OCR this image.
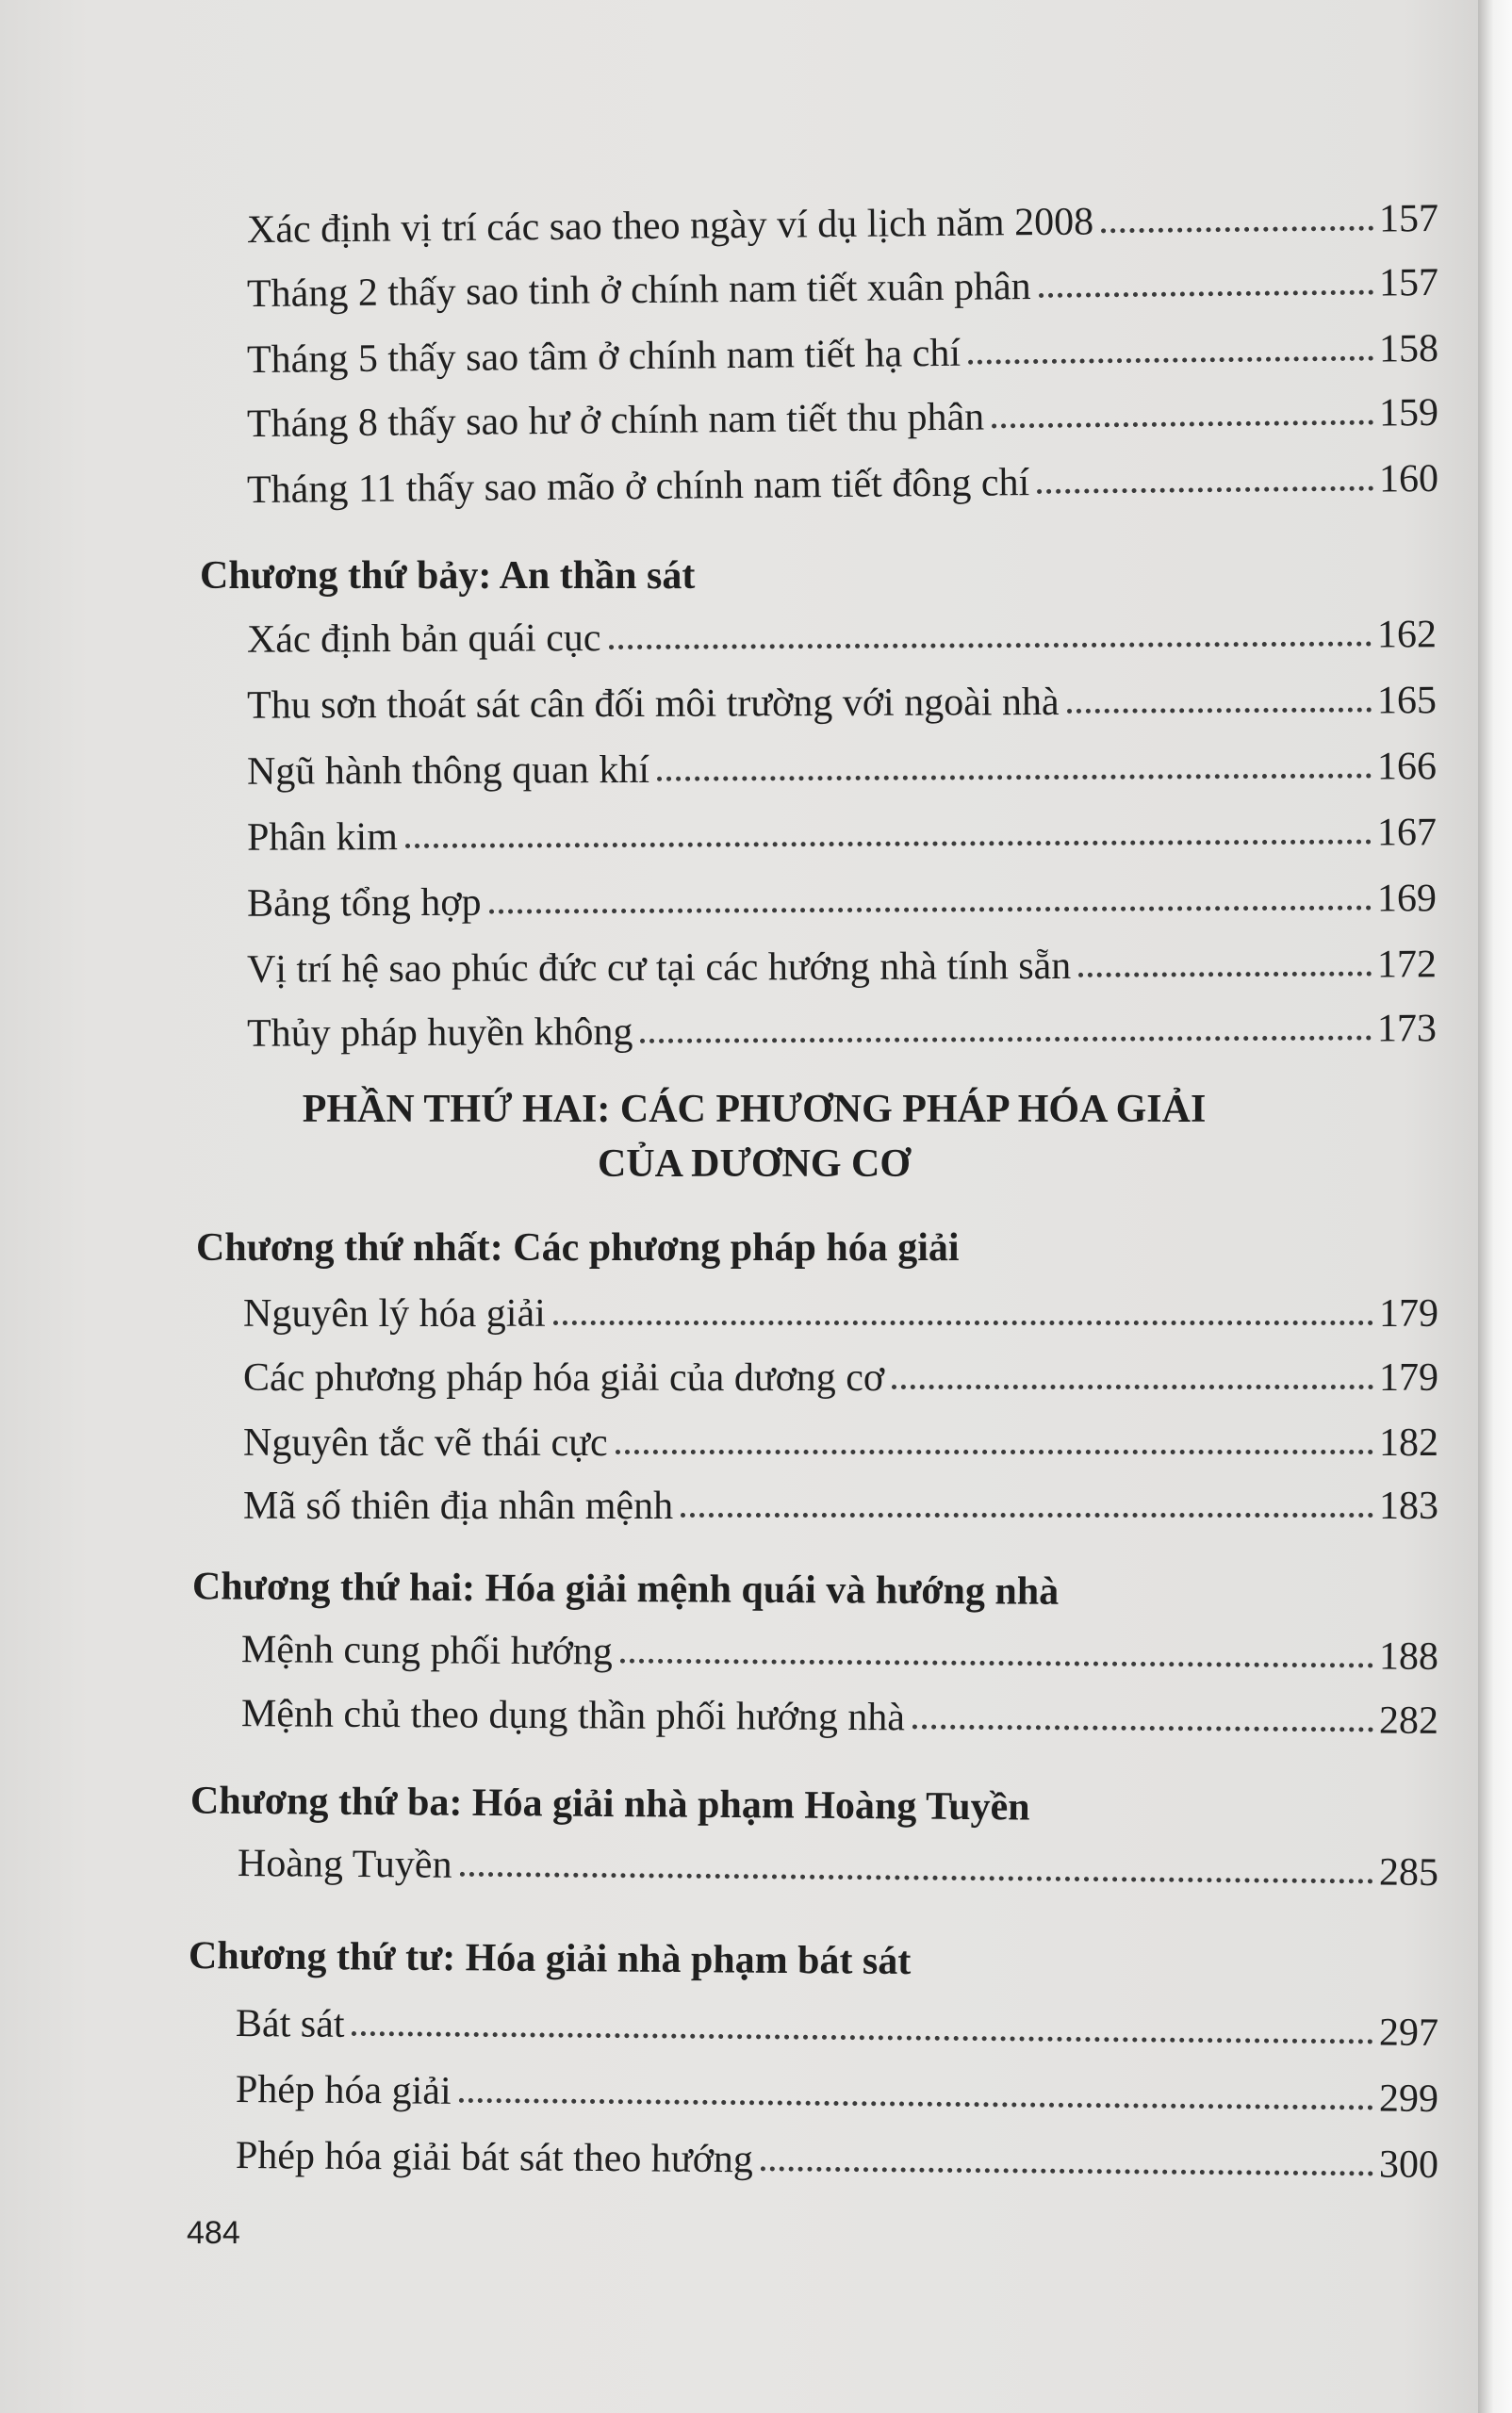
Xác định vị trí các sao theo ngày ví dụ lịch năm 2008	157
Tháng 2 thấy sao tinh ở chính nam tiết xuân phân	157
Tháng 5 thấy sao tâm ở chính nam tiết hạ chí	158
Tháng 8 thấy sao hư ở chính nam tiết thu phân	159
Tháng 11 thấy sao mão ở chính nam tiết đông chí	160
Chương thứ bảy: An thần sát
Xác định bản quái cục	162
Thu sơn thoát sát cân đối môi trường với ngoài nhà	165
Ngũ hành thông quan khí	166
Phân kim	167
Bảng tổng hợp	169
Vị trí hệ sao phúc đức cư tại các hướng nhà tính sẵn	172
Thủy pháp huyền không	173
PHẦN THỨ HAI: CÁC PHƯƠNG PHÁP HÓA GIẢI
CỦA DƯƠNG CƠ
Chương thứ nhất: Các phương pháp hóa giải
Nguyên lý hóa giải	179
Các phương pháp hóa giải của dương cơ	179
Nguyên tắc vẽ thái cực	182
Mã số thiên địa nhân mệnh	183
Chương thứ hai: Hóa giải mệnh quái và hướng nhà
Mệnh cung phối hướng	188
Mệnh chủ theo dụng thần phối hướng nhà	282
Chương thứ ba: Hóa giải nhà phạm Hoàng Tuyền
Hoàng Tuyền	285
Chương thứ tư: Hóa giải nhà phạm bát sát
Bát sát	297
Phép hóa giải	299
Phép hóa giải bát sát theo hướng	300
484
